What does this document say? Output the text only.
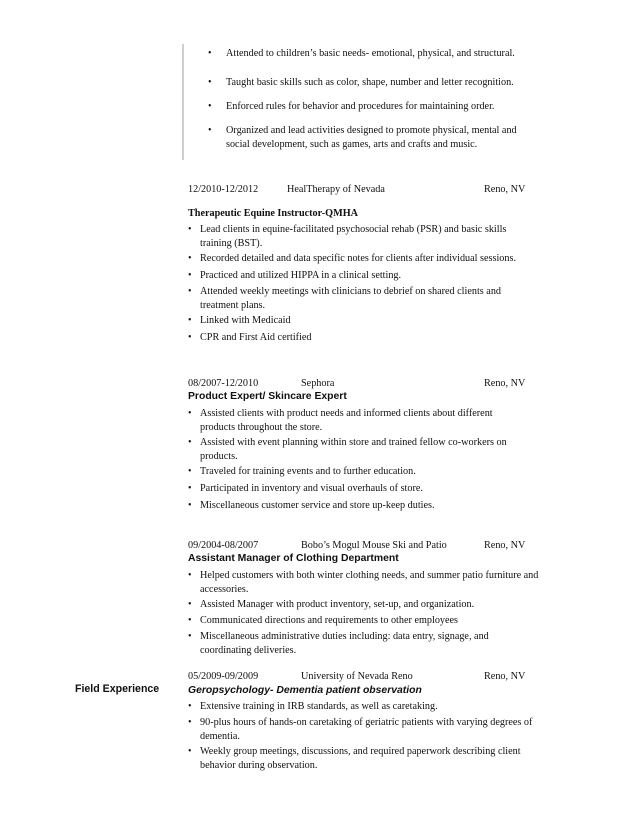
• Attended to children’s basic needs- emotional, physical, and structural.
• Taught basic skills such as color, shape, number and letter recognition.
• Enforced rules for behavior and procedures for maintaining order.
• Organized and lead activities designed to promote physical, mental and social development, such as games, arts and crafts and music.
12/2010-12/2012	HealTherapy of Nevada	Reno, NV
Therapeutic Equine Instructor-QMHA
• Lead clients in equine-facilitated psychosocial rehab (PSR) and basic skills training (BST).
• Recorded detailed and data specific notes for clients after individual sessions.
• Practiced and utilized HIPPA in a clinical setting.
• Attended weekly meetings with clinicians to debrief on shared clients and treatment plans.
• Linked with Medicaid
• CPR and First Aid certified
08/2007-12/2010	Sephora	Reno, NV
Product Expert/ Skincare Expert
• Assisted clients with product needs and informed clients about different products throughout the store.
• Assisted with event planning within store and trained fellow co-workers on products.
• Traveled for training events and to further education.
• Participated in inventory and visual overhauls of store.
• Miscellaneous customer service and store up-keep duties.
09/2004-08/2007	Bobo’s Mogul Mouse Ski and Patio	Reno, NV
Assistant Manager of Clothing Department
• Helped customers with both winter clothing needs, and summer patio furniture and accessories.
• Assisted Manager with product inventory, set-up, and organization.
• Communicated directions and requirements to other employees
• Miscellaneous administrative duties including: data entry, signage, and coordinating deliveries.
Field Experience
05/2009-09/2009	University of Nevada Reno	Reno, NV
Geropsychology- Dementia patient observation
• Extensive training in IRB standards, as well as caretaking.
• 90-plus hours of hands-on caretaking of geriatric patients with varying degrees of dementia.
• Weekly group meetings, discussions, and required paperwork describing client behavior during observation.
